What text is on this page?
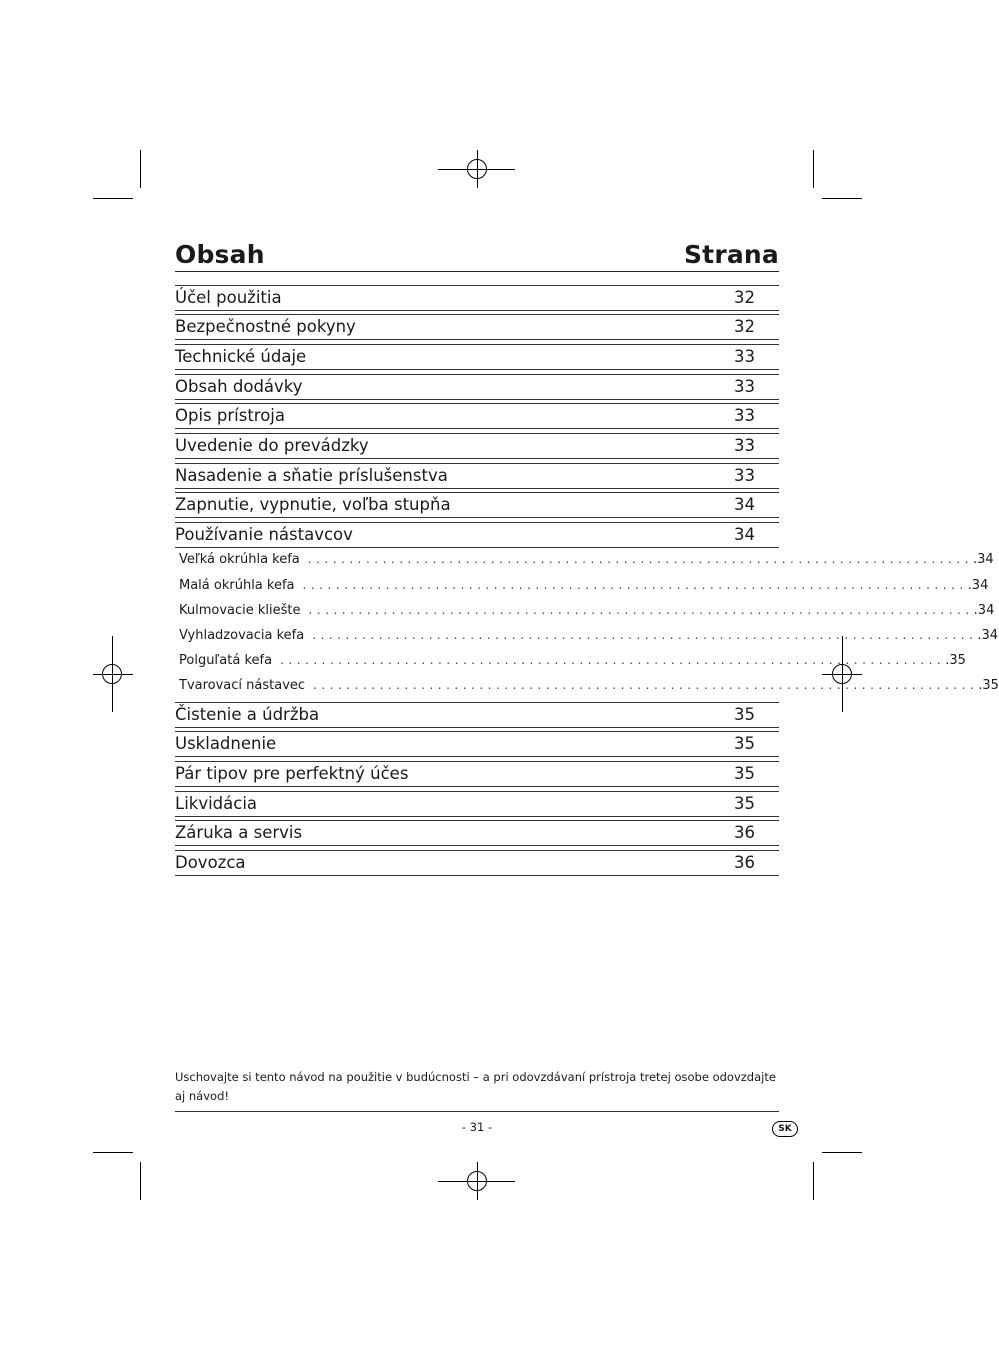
Obsah	Strana
Účel použitia	32
Bezpečnostné pokyny	32
Technické údaje	33
Obsah dodávky	33
Opis prístroja	33
Uvedenie do prevádzky	33
Nasadenie a sňatie príslušenstva	33
Zapnutie, vypnutie, voľba stupňa	34
Používanie nástavcov	34
Veľká okrúhla kefa ................................................................................ .34
Malá okrúhla kefa ................................................................................ .34
Kulmovacie kliešte ................................................................................ .34
Vyhladzovacia kefa ................................................................................ .34
Polguľatá kefa ................................................................................ .35
Tvarovací nástavec ................................................................................ .35
Čistenie a údržba	35
Uskladnenie	35
Pár tipov pre perfektný účes	35
Likvidácia	35
Záruka a servis	36
Dovozca	36
Uschovajte si tento návod na použitie v budúcnosti – a pri odovzdávaní prístroja tretej osobe odovzdajte aj návod!
- 31 -	SK
